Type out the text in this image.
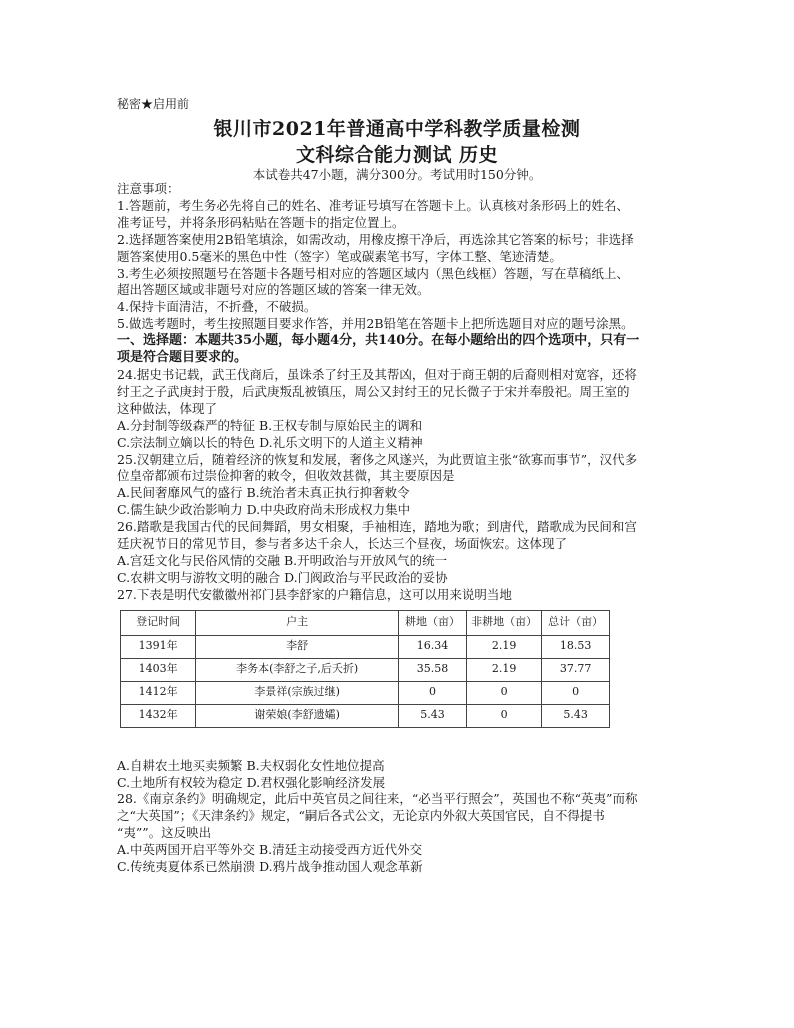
秘密★启用前
银川市2021年普通高中学科教学质量检测
文科综合能力测试 历史
本试卷共47小题，满分300分。考试用时150分钟。

注意事项：

1.答题前，考生务必先将自己的姓名、准考证号填写在答题卡上。认真核对条形码上的姓名、

准考证号，并将条形码粘贴在答题卡的指定位置上。

2.选择题答案使用2B铅笔填涂，如需改动，用橡皮擦干净后，再选涂其它答案的标号；非选择

题答案使用0.5毫米的黑色中性（签字）笔或碳素笔书写，字体工整、笔迹清楚。

3.考生必须按照题号在答题卡各题号相对应的答题区域内（黑色线框）答题，写在草稿纸上、

超出答题区域或非题号对应的答题区域的答案一律无效。

4.保持卡面清洁，不折叠，不破损。

5.做选考题时，考生按照题目要求作答，并用2B铅笔在答题卡上把所选题目对应的题号涂黑。

一、选择题：本题共35小题，每小题4分，共140分。在每小题给出的四个选项中，只有一

项是符合题目要求的。

24.据史书记载，武王伐商后，虽诛杀了纣王及其帮凶，但对于商王朝的后裔则相对宽容，还将

纣王之子武庚封于殷，后武庚叛乱被镇压，周公又封纣王的兄长微子于宋并奉殷祀。周王室的

这种做法，体现了

A.分封制等级森严的特征 B.王权专制与原始民主的调和

C.宗法制立嫡以长的特色 D.礼乐文明下的人道主义精神

25.汉朝建立后，随着经济的恢复和发展，奢侈之风遂兴，为此贾谊主张“欲寡而事节”，汉代多

位皇帝都颁布过崇俭抑奢的敕令，但收效甚微，其主要原因是

A.民间奢靡风气的盛行 B.统治者未真正执行抑奢敕令

C.儒生缺少政治影响力 D.中央政府尚未形成权力集中

26.踏歌是我国古代的民间舞蹈，男女相聚，手袖相连，踏地为歌；到唐代，踏歌成为民间和宫

廷庆祝节日的常见节目，参与者多达千余人，长达三个昼夜，场面恢宏。这体现了

A.宫廷文化与民俗风情的交融 B.开明政治与开放风气的统一

C.农耕文明与游牧文明的融合 D.门阀政治与平民政治的妥协

27.下表是明代安徽徽州祁门县李舒家的户籍信息，这可以用来说明当地

登记时间	户主	耕地（亩）	非耕地（亩）	总计（亩）
1391年	李舒	16.34	2.19	18.53
1403年	李务本(李舒之子,后夭折)	35.58	2.19	37.77
1412年	李景祥(宗族过继)	0	0	0
1432年	谢荣娘(李舒遗孀)	5.43	0	5.43

A.自耕农土地买卖频繁 B.夫权弱化女性地位提高

C.土地所有权较为稳定 D.君权强化影响经济发展

28.《南京条约》明确规定，此后中英官员之间往来，“必当平行照会”，英国也不称“英夷”而称

之“大英国”；《天津条约》规定，“嗣后各式公文，无论京内外叙大英国官民，自不得提书

“夷””。这反映出

A.中英两国开启平等外交 B.清廷主动接受西方近代外交

C.传统夷夏体系已然崩溃 D.鸦片战争推动国人观念革新
